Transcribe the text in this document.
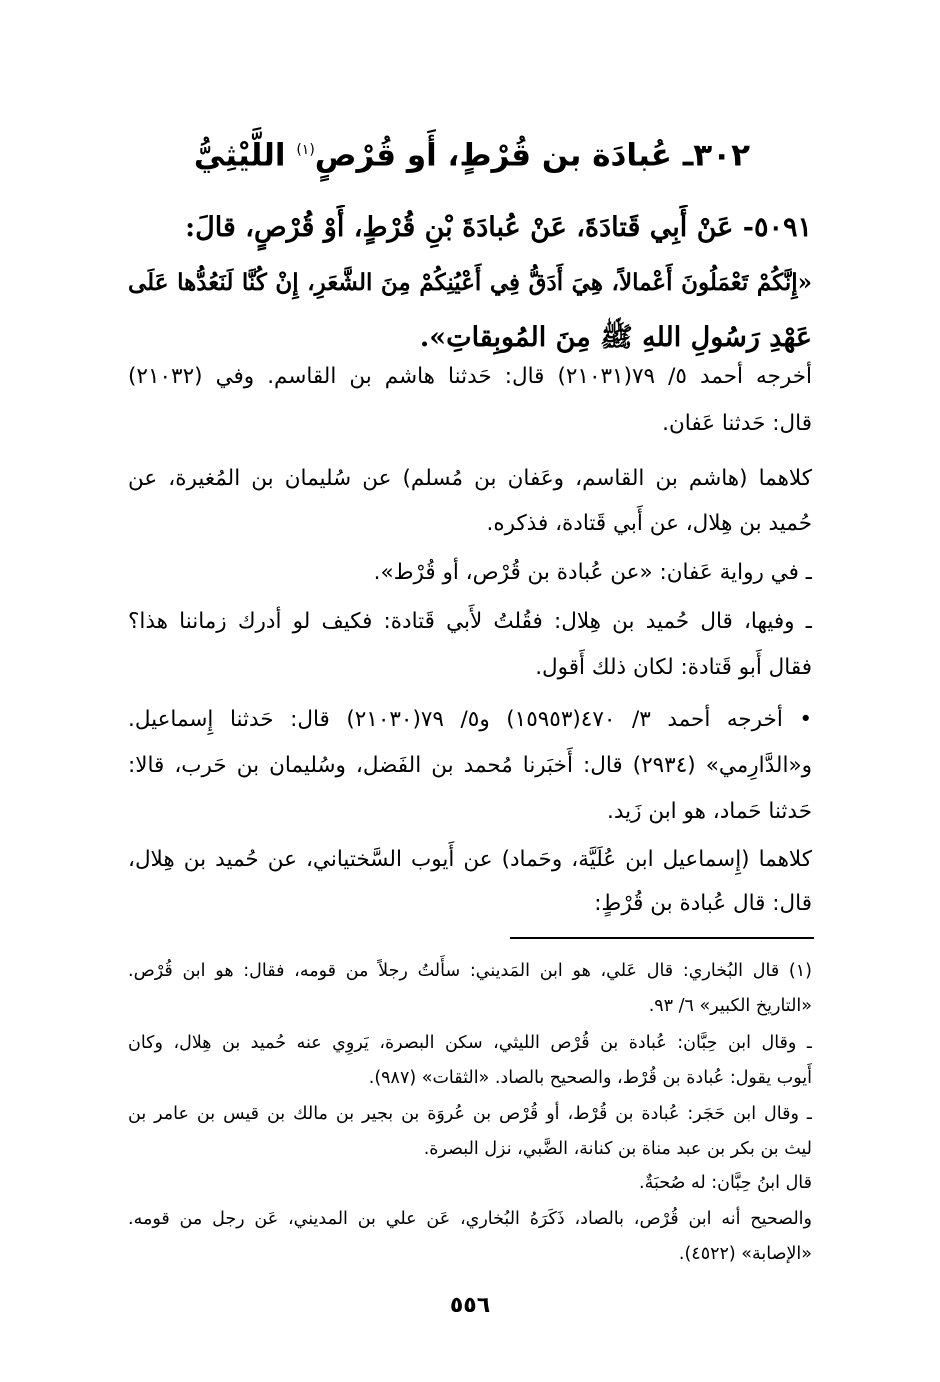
٣٠٢ـ عُبادَة بن قُرْطٍ، أَو قُرْصٍ$^{(١)}$ اللَّيْثِيُّ
٥٠٩١- عَنْ أَبِي قَتادَةَ، عَنْ عُبادَةَ بْنِ قُرْطٍ، أَوْ قُرْصٍ، قالَ:
«إِنَّكُمْ تَعْمَلُونَ أَعْمالاً، هِيَ أَدَقُّ فِي أَعْيُنِكُمْ مِنَ الشَّعَرِ، إِنْ كُنَّا لَنَعُدُّها عَلَى
عَهْدِ رَسُولِ اللهِ ﷺ مِنَ المُوبِقاتِ».
أخرجه أحمد ٥/ ٧٩(٢١٠٣١) قال: حَدثنا هاشم بن القاسم. وفي (٢١٠٣٢)
قال: حَدثنا عَفان.
كلاهما (هاشم بن القاسم، وعَفان بن مُسلم) عن سُليمان بن المُغيرة، عن
حُميد بن هِلال، عن أَبي قَتادة، فذكره.
ـ في رواية عَفان: «عن عُبادة بن قُرْص، أو قُرْط».
ـ وفيها، قال حُميد بن هِلال: فقُلتُ لأَبي قَتادة: فكيف لو أدرك زماننا هذا؟
فقال أَبو قَتادة: لكان ذلك أَقول.
• أخرجه أحمد ٣/ ٤٧٠(١٥٩٥٣) و٥/ ٧٩(٢١٠٣٠) قال: حَدثنا إِسماعيل.
و«الدَّارِمي» (٢٩٣٤) قال: أَخبَرنا مُحمد بن الفَضل، وسُليمان بن حَرب، قالا:
حَدثنا حَماد، هو ابن زَيد.
كلاهما (إِسماعيل ابن عُلَيَّة، وحَماد) عن أَيوب السَّختياني، عن حُميد بن هِلال،
قال: قال عُبادة بن قُرْطٍ:
(١) قال البُخاري: قال عَلي، هو ابن المَديني: سأَلتُ رجلاً من قومه، فقال: هو ابن قُرْص.
«التاريخ الكبير» ٦/ ٩٣.
ـ وقال ابن حِبَّان: عُبادة بن قُرْص الليثي، سكن البصرة، يَروِي عنه حُميد بن هِلال، وكان
أَيوب يقول: عُبادة بن قُرْط، والصحيح بالصاد. «الثقات» (٩٨٧).
ـ وقال ابن حَجَر: عُبادة بن قُرْط، أو قُرْص بن عُروَة بن بجير بن مالك بن قيس بن عامر بن
ليث بن بكر بن عبد مناة بن كنانة، الضَّبي، نزل البصرة.
قال ابنُ حِبَّان: له صُحبَةٌ.
والصحيح أنه ابن قُرْص، بالصاد، ذَكَرَهُ البُخاري، عَن علي بن المديني، عَن رجل من قومه.
«الإصابة» (٤٥٢٢).
٥٥٦
